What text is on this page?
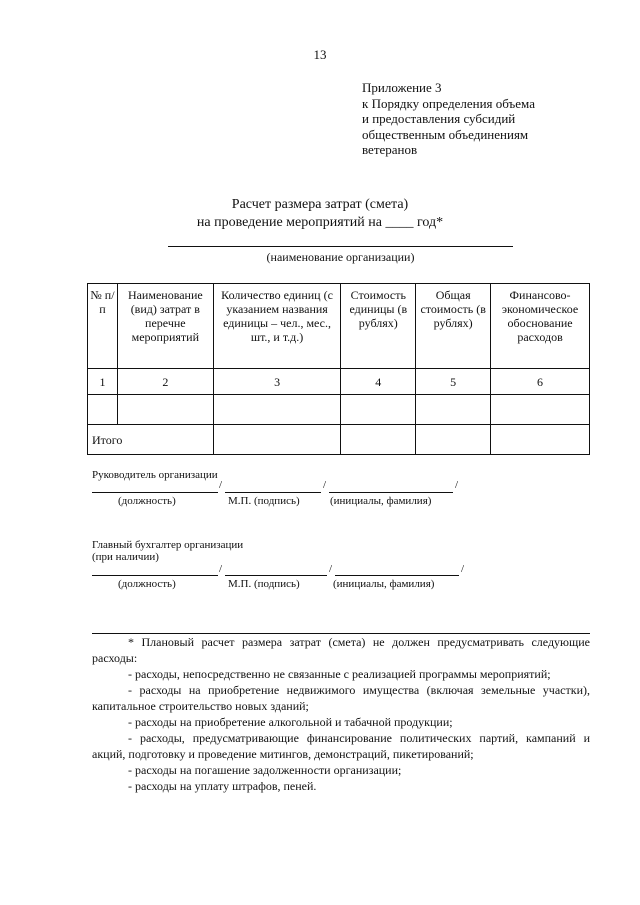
13
Приложение 3
к Порядку определения объема
и предоставления субсидий
общественным объединениям
ветеранов
Расчет размера затрат (смета)
на проведение мероприятий на ____ год*
(наименование организации)
№ п/п	Наименование (вид) затрат в перечне мероприятий	Количество единиц (с указанием названия единицы – чел., мес., шт., и т.д.)	Стоимость единицы (в рублях)	Общая стоимость (в рублях)	Финансово-экономическое обоснование расходов
1	2	3	4	5	6

Итого					
Руководитель организации
/	/	/
(должность)	М.П. (подпись)	(инициалы, фамилия)
Главный бухгалтер организации
(при наличии)
/	/	/
(должность)	М.П. (подпись)	(инициалы, фамилия)

* Плановый расчет размера затрат (смета) не должен предусматривать следующие расходы:

- расходы, непосредственно не связанные с реализацией программы мероприятий;

- расходы на приобретение недвижимого имущества (включая земельные участки), капитальное строительство новых зданий;

- расходы на приобретение алкогольной и табачной продукции;

- расходы, предусматривающие финансирование политических партий, кампаний и акций, подготовку и проведение митингов, демонстраций, пикетирований;

- расходы на погашение задолженности организации;

- расходы на уплату штрафов, пеней.
